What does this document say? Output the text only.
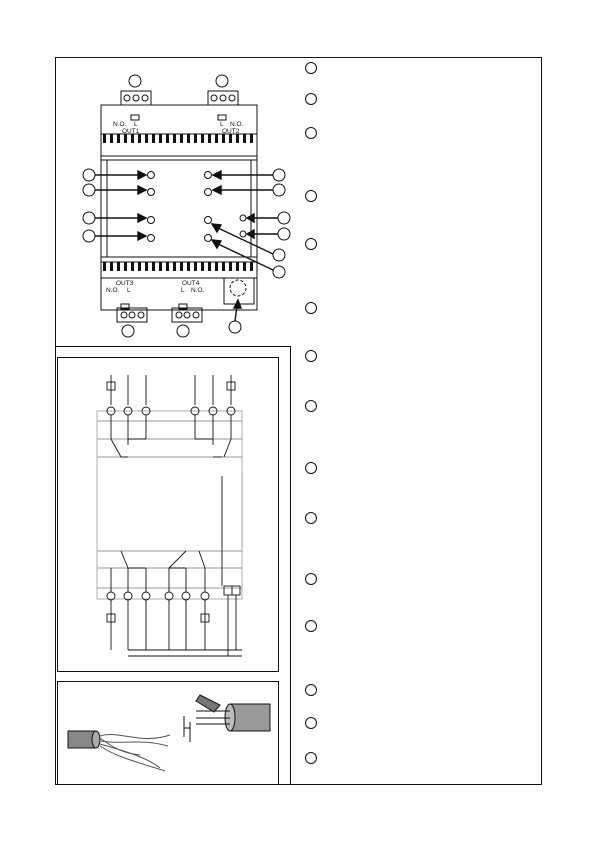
N.O. L
OUT1
L N.O.
OUT2
OUT3
N.O. L
OUT4
L N.O.
